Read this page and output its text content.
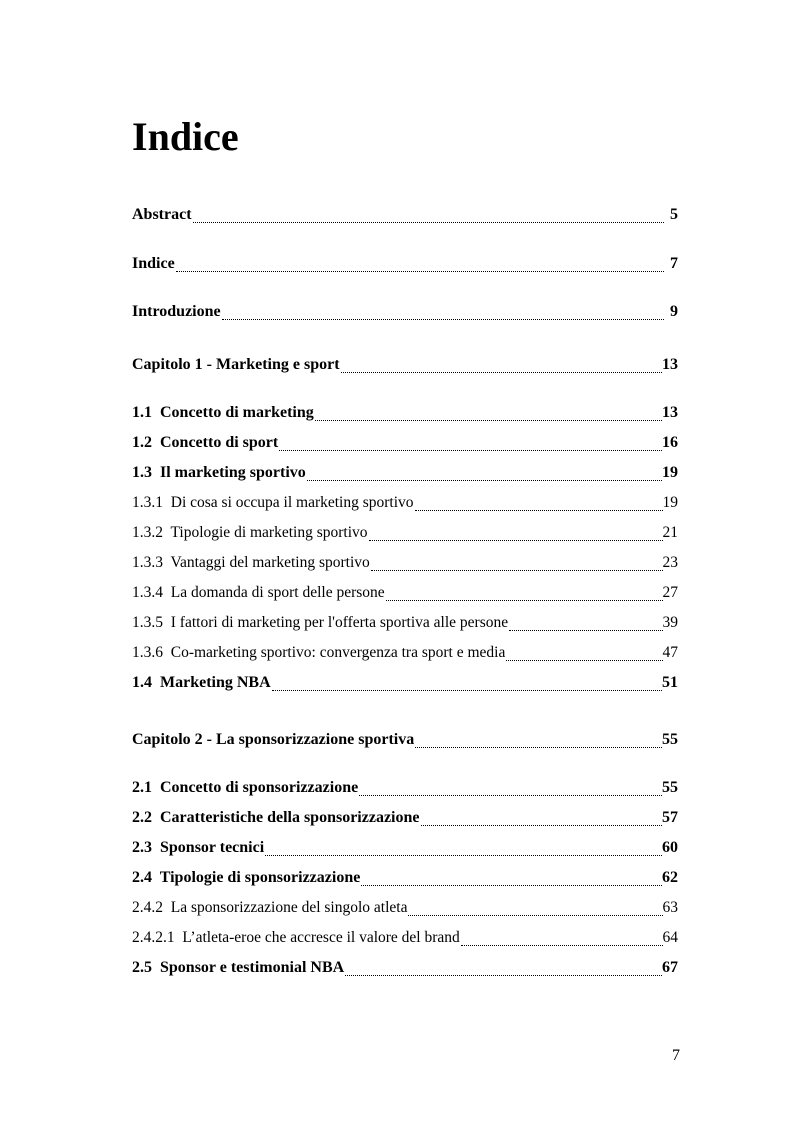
Indice
Abstract	5
Indice	7
Introduzione	9
Capitolo 1 - Marketing e sport	13
1.1  Concetto di marketing	13
1.2  Concetto di sport	16
1.3  Il marketing sportivo	19
1.3.1  Di cosa si occupa il marketing sportivo	19
1.3.2  Tipologie di marketing sportivo	21
1.3.3  Vantaggi del marketing sportivo	23
1.3.4  La domanda di sport delle persone	27
1.3.5  I fattori di marketing per l'offerta sportiva alle persone	39
1.3.6  Co-marketing sportivo: convergenza tra sport e media	47
1.4  Marketing NBA	51
Capitolo 2 - La sponsorizzazione sportiva	55
2.1  Concetto di sponsorizzazione	55
2.2  Caratteristiche della sponsorizzazione	57
2.3  Sponsor tecnici	60
2.4  Tipologie di sponsorizzazione	62
2.4.2  La sponsorizzazione del singolo atleta	63
2.4.2.1  L’atleta-eroe che accresce il valore del brand	64
2.5  Sponsor e testimonial NBA	67
7
